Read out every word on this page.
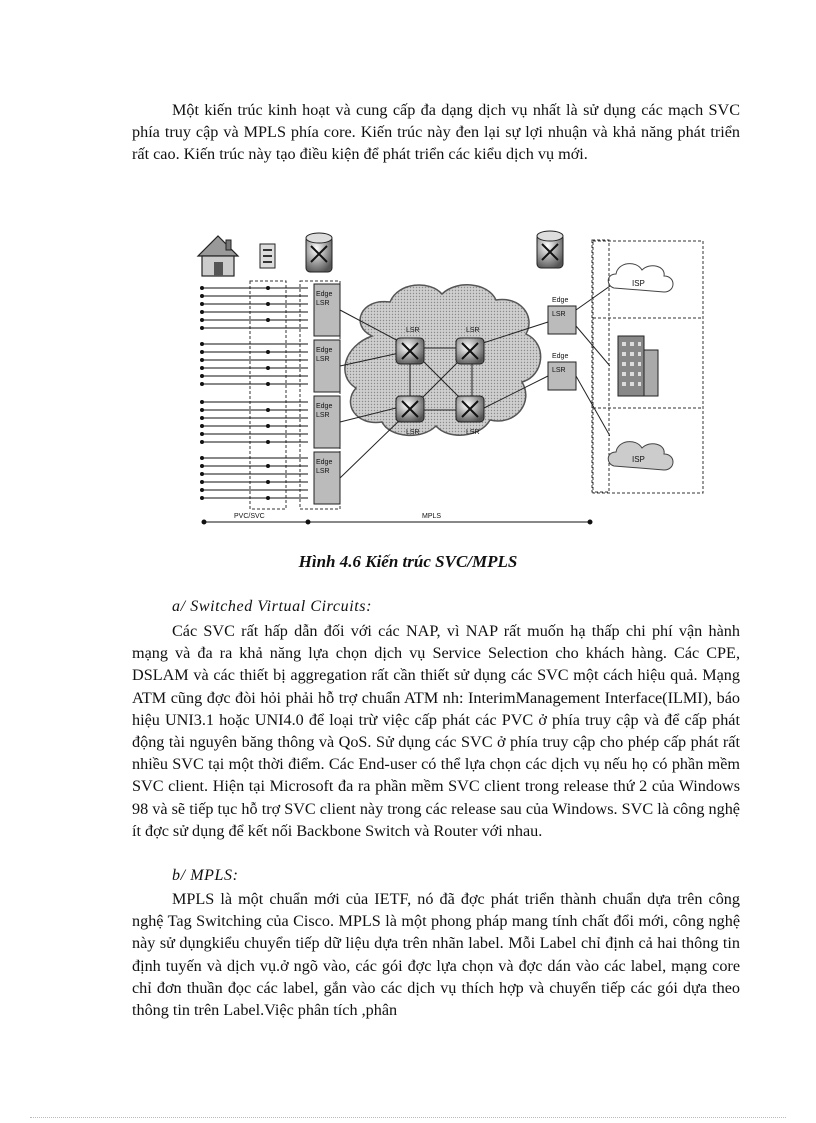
Một kiến trúc kinh hoạt và cung cấp đa dạng dịch vụ nhất là sử dụng các mạch SVC phía truy cập và MPLS phía core. Kiến trúc này đen lại sự lợi nhuận và khả năng phát triển rất cao. Kiến trúc này tạo điều kiện để phát triển các kiểu dịch vụ mới.

Edge
LSR
Edge
LSR
Edge
LSR
Edge
LSR
LSR	LSR
LSR	LSR
Edge
LSR
Edge
LSR
PVC/SVC	MPLS
ISP
ISP
Hình 4.6 Kiến trúc SVC/MPLS
a/ Switched Virtual Circuits:

Các SVC rất hấp dẫn đối với các NAP, vì NAP rất muốn hạ thấp chi phí vận hành mạng và đa ra khả năng lựa chọn dịch vụ Service Selection cho khách hàng. Các CPE, DSLAM và các thiết bị aggregation rất cần thiết sử dụng các SVC một cách hiệu quả. Mạng ATM cũng đợc đòi hỏi phải hỗ trợ chuẩn ATM nh: InterimManagement Interface(ILMI), báo hiệu UNI3.1 hoặc UNI4.0 để loại trừ việc cấp phát các PVC ở phía truy cập và để cấp phát động tài nguyên băng thông và QoS. Sử dụng các SVC ở phía truy cập cho phép cấp phát rất nhiều SVC tại một thời điểm. Các End-user có thể lựa chọn các dịch vụ nếu họ có phần mềm SVC client. Hiện tại Microsoft đa ra phần mềm SVC client trong release thứ 2 của Windows 98 và sẽ tiếp tục hỗ trợ SVC client này trong các release sau của Windows. SVC là công nghệ ít đợc sử dụng để kết nối Backbone Switch và Router với nhau.

b/ MPLS:

MPLS là một chuẩn mới của IETF, nó đã đợc phát triển thành chuẩn dựa trên công nghệ Tag Switching của Cisco. MPLS là một phong pháp mang tính chất đổi mới, công nghệ này sử dụngkiểu chuyển tiếp dữ liệu dựa trên nhãn label. Mỗi Label chỉ định cả hai thông tin định tuyến và dịch vụ.ở ngõ vào, các gói đợc lựa chọn và đợc dán vào các label, mạng core chỉ đơn thuần đọc các label, gắn vào các dịch vụ thích hợp và chuyển tiếp các gói dựa theo thông tin trên Label.Việc phân tích ,phân
